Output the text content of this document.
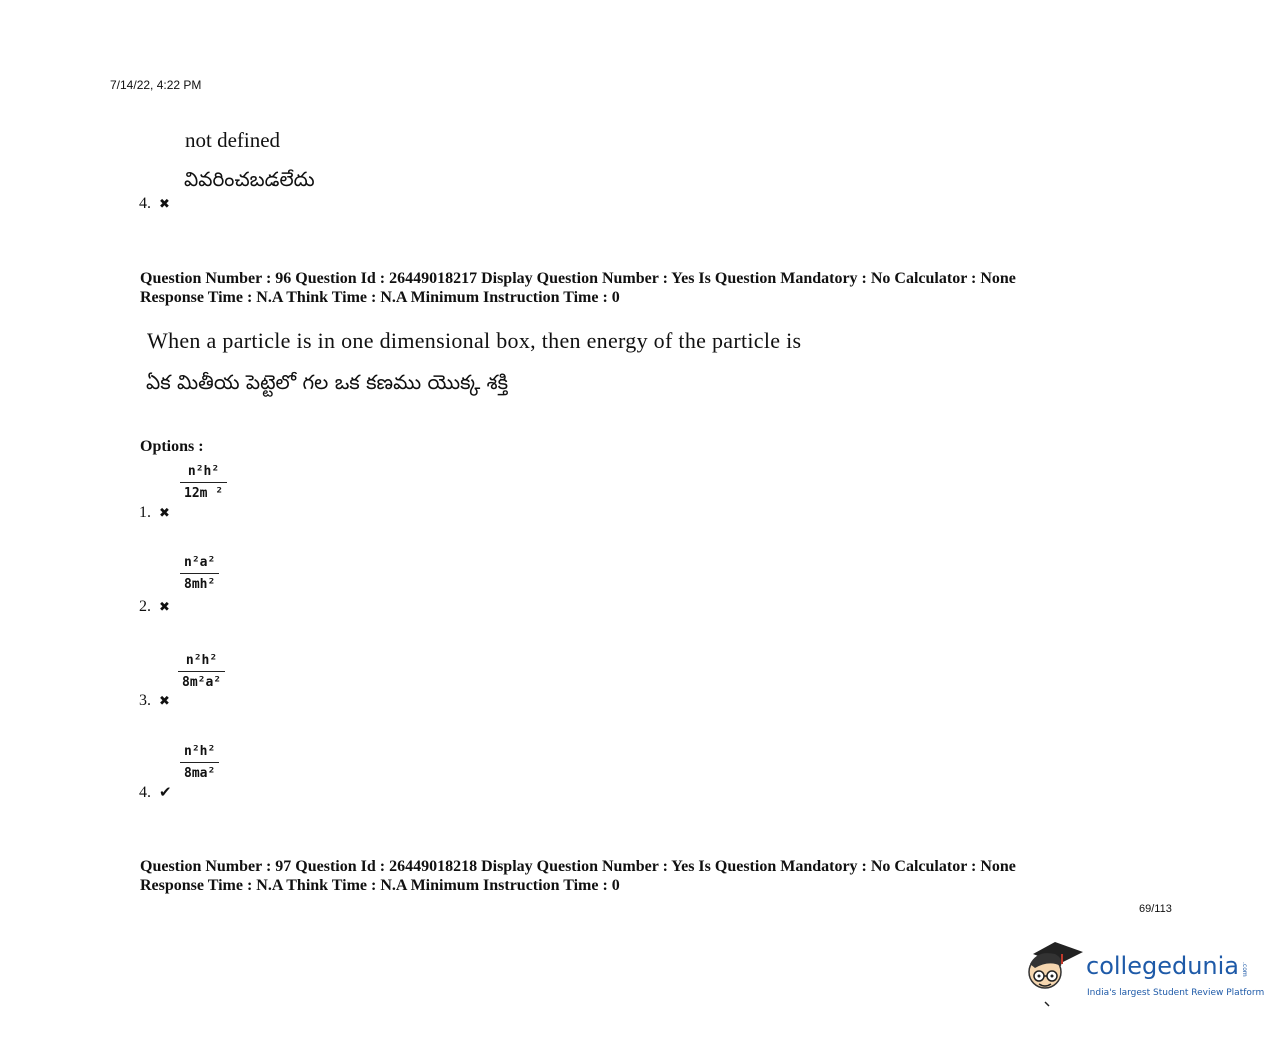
7/14/22, 4:22 PM
not defined
వివరించబడలేదు
4. ✖
Question Number : 96 Question Id : 26449018217 Display Question Number : Yes Is Question Mandatory : No Calculator : None
Response Time : N.A Think Time : N.A Minimum Instruction Time : 0
When a particle is in one dimensional box, then energy of the particle is
ఏక మితీయ పెట్టెలో గల ఒక కణము యొక్క శక్తి
Options :
$\frac{\text{n²h²}}{\text{12m ²}}$
1. ✖
$\frac{\text{n²a²}}{\text{8mh²}}$
2. ✖
$\frac{\text{n²h²}}{\text{8m²a²}}$
3. ✖
$\frac{\text{n²h²}}{\text{8ma²}}$
4. ✔
Question Number : 97 Question Id : 26449018218 Display Question Number : Yes Is Question Mandatory : No Calculator : None
Response Time : N.A Think Time : N.A Minimum Instruction Time : 0
69/113
collegedunia .com
India's largest Student Review Platform
